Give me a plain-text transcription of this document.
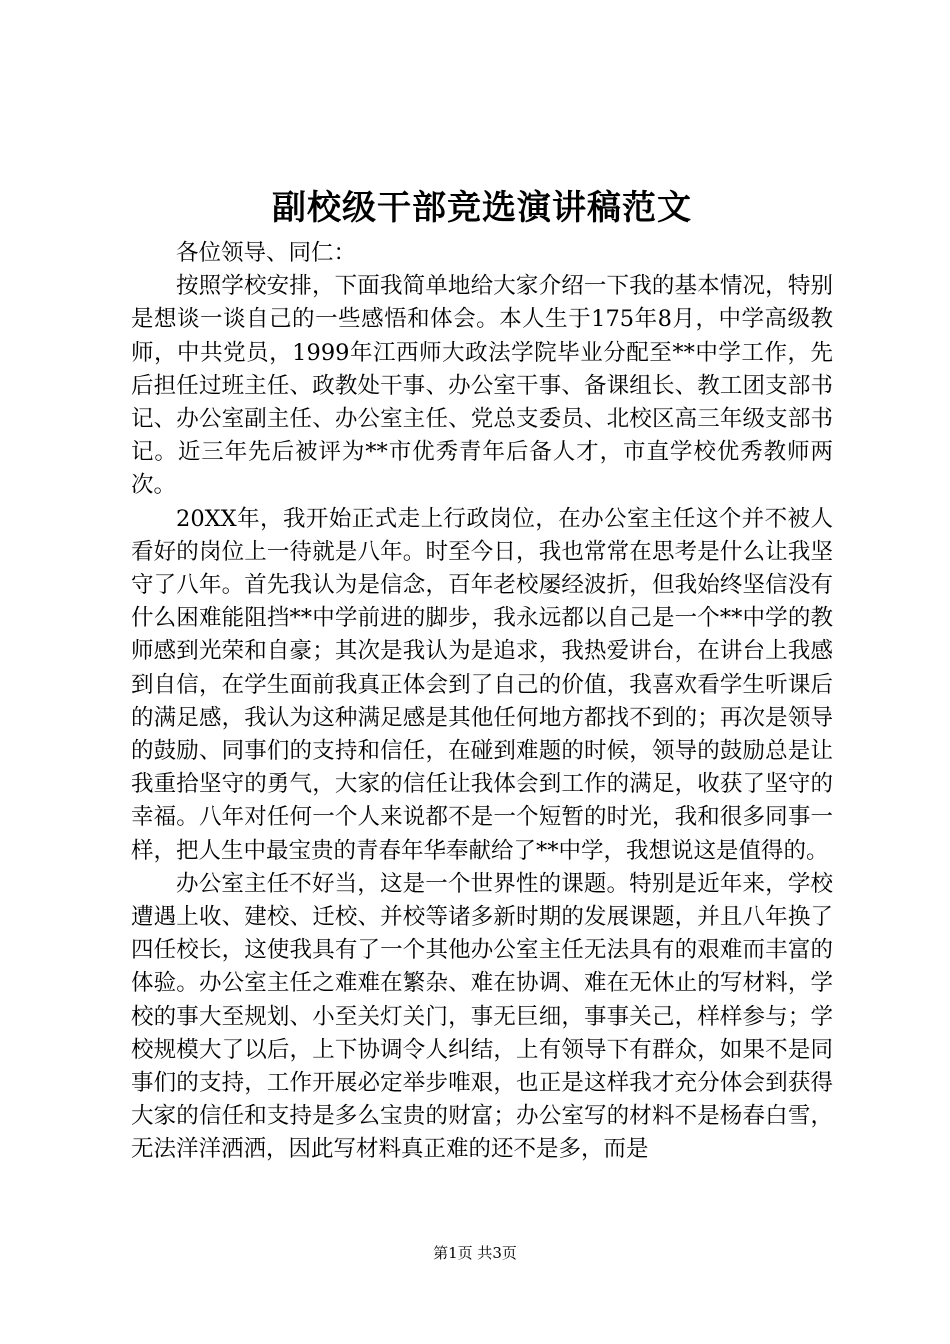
副校级干部竞选演讲稿范文

各位领导、同仁：

按照学校安排，下面我简单地给大家介绍一下我的基本情况，特别是想谈一谈自己的一些感悟和体会。本人生于175年8月，中学高级教师，中共党员，1999年江西师大政法学院毕业分配至**中学工作，先后担任过班主任、政教处干事、办公室干事、备课组长、教工团支部书记、办公室副主任、办公室主任、党总支委员、北校区高三年级支部书记。近三年先后被评为**市优秀青年后备人才，市直学校优秀教师两次。

20XX年，我开始正式走上行政岗位，在办公室主任这个并不被人看好的岗位上一待就是八年。时至今日，我也常常在思考是什么让我坚守了八年。首先我认为是信念，百年老校屡经波折，但我始终坚信没有什么困难能阻挡**中学前进的脚步，我永远都以自己是一个**中学的教师感到光荣和自豪；其次是我认为是追求，我热爱讲台，在讲台上我感到自信，在学生面前我真正体会到了自己的价值，我喜欢看学生听课后的满足感，我认为这种满足感是其他任何地方都找不到的；再次是领导的鼓励、同事们的支持和信任，在碰到难题的时候，领导的鼓励总是让我重拾坚守的勇气，大家的信任让我体会到工作的满足，收获了坚守的幸福。八年对任何一个人来说都不是一个短暂的时光，我和很多同事一样，把人生中最宝贵的青春年华奉献给了**中学，我想说这是值得的。

办公室主任不好当，这是一个世界性的课题。特别是近年来，学校遭遇上收、建校、迁校、并校等诸多新时期的发展课题，并且八年换了四任校长，这使我具有了一个其他办公室主任无法具有的艰难而丰富的体验。办公室主任之难难在繁杂、难在协调、难在无休止的写材料，学校的事大至规划、小至关灯关门，事无巨细，事事关己，样样参与；学校规模大了以后，上下协调令人纠结，上有领导下有群众，如果不是同事们的支持，工作开展必定举步唯艰，也正是这样我才充分体会到获得大家的信任和支持是多么宝贵的财富；办公室写的材料不是杨春白雪，无法洋洋洒洒，因此写材料真正难的还不是多，而是

第1页 共3页
